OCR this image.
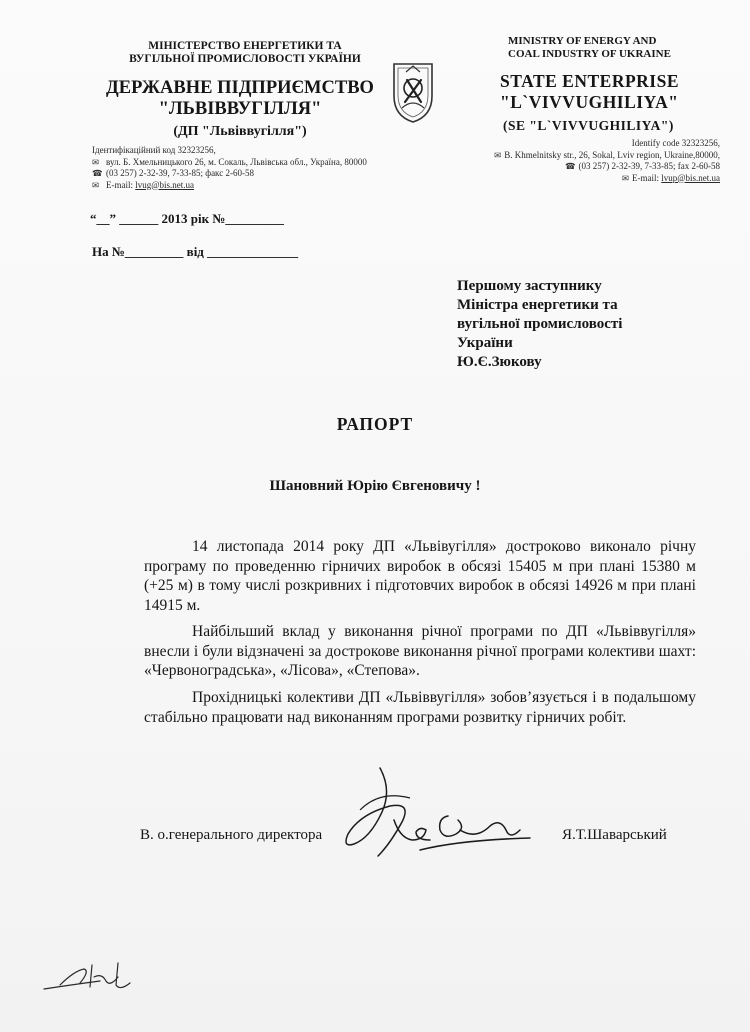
МІНІСТЕРСТВО ЕНЕРГЕТИКИ ТА
ВУГІЛЬНОЇ ПРОМИСЛОВОСТІ УКРАЇНИ
ДЕРЖАВНЕ ПІДПРИЄМСТВО
"ЛЬВІВВУГІЛЛЯ"
(ДП "Львіввугілля")
Ідентифікаційний код 32323256,
✉ вул. Б. Хмельницького 26, м. Сокаль, Львівська обл., Україна, 80000
☎ (03 257) 2-32-39, 7-33-85; факс 2-60-58
✉ E-mail: lvug@bis.net.ua
MINISTRY OF ENERGY AND
COAL INDUSTRY OF UKRAINE
STATE ENTERPRISE
"L`VIVVUGHILIYA"
(SE "L`VIVVUGHILIYA")
Identify code 32323256,
✉ B. Khmelnitsky str., 26, Sokal, Lviv region, Ukraine,80000,
☎ (03 257) 2-32-39, 7-33-85; fax 2-60-58
✉ E-mail: lvup@bis.net.ua
“__” ______ 2013 рік №_________
На №_________ від ______________
Першому заступнику
Міністра енергетики та
вугільної промисловості
України
Ю.Є.Зюкову
РАПОРТ
Шановний Юрію Євгеновичу !

14 листопада 2014 року ДП «Львівугілля» достроково виконало річну програму по проведенню гірничих виробок в обсязі 15405 м при плані 15380 м (+25 м) в тому числі розкривних і підготовчих виробок в обсязі 14926 м при плані 14915 м.

Найбільший вклад у виконання річної програми по ДП «Львіввугілля» внесли і були відзначені за дострокове виконання річної програми колективи шахт: «Червоноградська», «Лісова», «Степова».

Прохідницькі колективи ДП «Львіввугілля» зобов’язується і в подальшому стабільно працювати над виконанням програми розвитку гірничих робіт.

В. о.генерального директора	Я.Т.Шаварський
